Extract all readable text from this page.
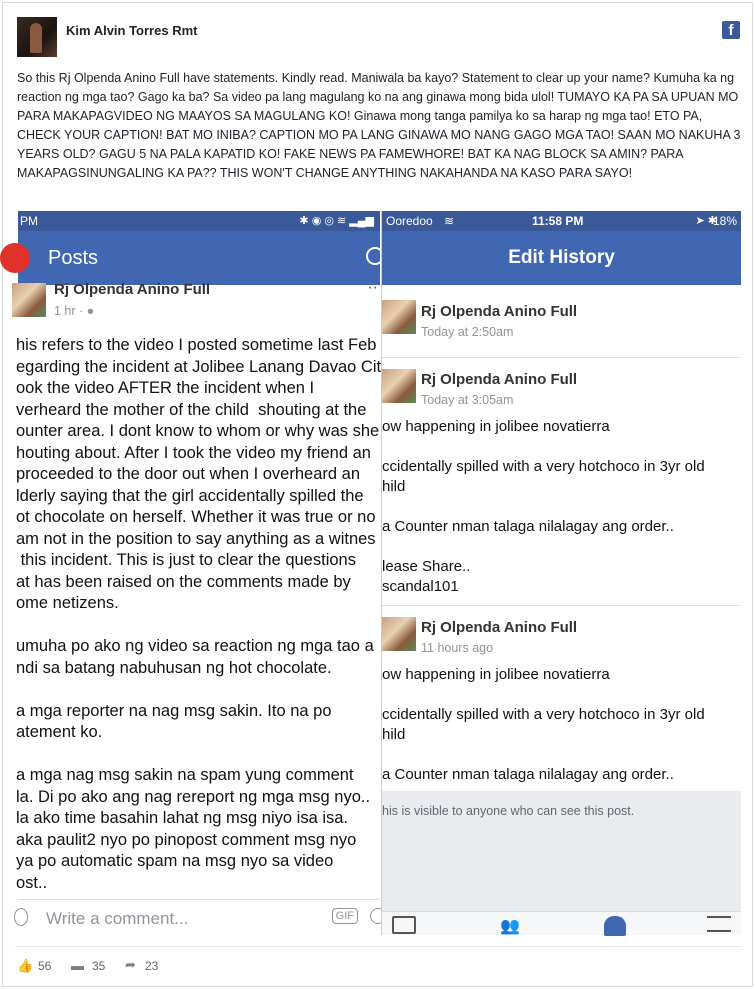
Kim Alvin Torres Rmt	f
So this Rj Olpenda Anino Full have statements. Kindly read. Maniwala ba kayo? Statement to clear up your name? Kumuha ka ng reaction ng mga tao? Gago ka ba? Sa video pa lang magulang ko na ang ginawa mong bida ulol! TUMAYO KA PA SA UPUAN MO PARA MAKAPAGVIDEO NG MAAYOS SA MAGULANG KO! Ginawa mong tanga pamilya ko sa harap ng mga tao! ETO PA, CHECK YOUR CAPTION! BAT MO INIBA? CAPTION MO PA LANG GINAWA MO NANG GAGO MGA TAO! SAAN MO NAKUHA 3 YEARS OLD? GAGU 5 NA PALA KAPATID KO! FAKE NEWS PA FAMEWHORE! BAT KA NAG BLOCK SA AMIN? PARA MAKAPAGSINUNGALING KA PA?? THIS WON'T CHANGE ANYTHING NAKAHANDA NA KASO PARA SAYO!
PM	✱ ◉ ◎ ≋ ▂▄▆
Posts
Rj Olpenda Anino Full
1 hr · ●
··
his refers to the video I posted sometime last Feb
egarding the incident at Jolibee Lanang Davao Cit
ook the video AFTER the incident when I
verheard the mother of the child  shouting at the
ounter area. I dont know to whom or why was she
houting about. After I took the video my friend an
proceeded to the door out when I overheard an
lderly saying that the girl accidentally spilled the
ot chocolate on herself. Whether it was true or no
am not in the position to say anything as a witnes
this incident. This is just to clear the questions
at has been raised on the comments made by
ome netizens.

umuha po ako ng video sa reaction ng mga tao a
ndi sa batang nabuhusan ng hot chocolate.

a mga reporter na nag msg sakin. Ito na po
atement ko.

a mga nag msg sakin na spam yung comment
la. Di po ako ang nag rereport ng mga msg nyo..
la ako time basahin lahat ng msg niyo isa isa.
aka paulit2 nyo po pinopost comment msg nyo
ya po automatic spam na msg nyo sa video
ost..
Write a comment...	GIF
Ooredoo ≋	11:58 PM	➤ ✱
18%
Edit History
Rj Olpenda Anino Full
Today at 2:50am
Rj Olpenda Anino Full
Today at 3:05am
ow happening in jolibee novatierra

ccidentally spilled with a very hotchoco in 3yr old
hild

a Counter nman talaga nilalagay ang order..

lease Share..
scandal101
Rj Olpenda Anino Full
11 hours ago
ow happening in jolibee novatierra

ccidentally spilled with a very hotchoco in 3yr old
hild

a Counter nman talaga nilalagay ang order..
his is visible to anyone who can see this post.
👥
👍 56 ▬ 35 ➦ 23
